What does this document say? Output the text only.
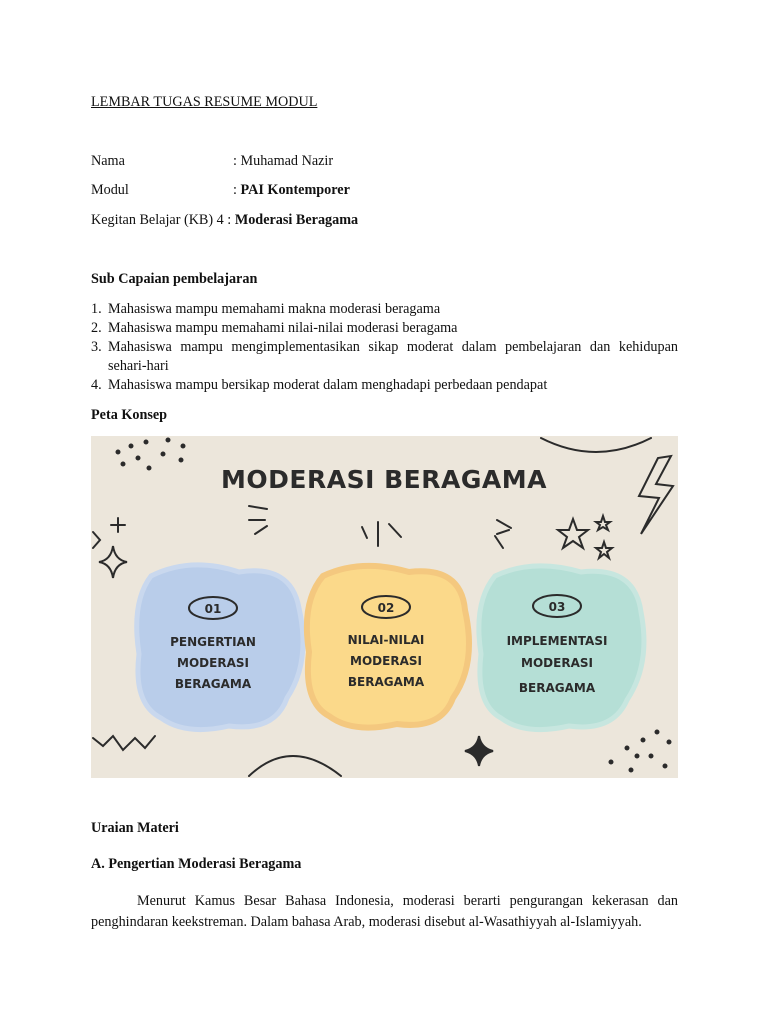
LEMBAR TUGAS RESUME MODUL
Nama	: Muhamad Nazir
Modul	: PAI Kontemporer
Kegitan Belajar (KB) 4 : Moderasi Beragama
Sub Capaian pembelajaran
1. Mahasiswa mampu memahami makna moderasi beragama
2. Mahasiswa mampu memahami nilai-nilai moderasi beragama
3. Mahasiswa mampu mengimplementasikan sikap moderat dalam pembelajaran dan kehidupan sehari-hari
4. Mahasiswa mampu bersikap moderat dalam menghadapi perbedaan pendapat
Peta Konsep
MODERASI BERAGAMA
01
PENGERTIAN
MODERASI
BERAGAMA
02
NILAI-NILAI
MODERASI
BERAGAMA
03
IMPLEMENTASI
MODERASI
BERAGAMA
Uraian Materi
A. Pengertian Moderasi Beragama
Menurut Kamus Besar Bahasa Indonesia, moderasi berarti pengurangan kekerasan dan penghindaran keekstreman. Dalam bahasa Arab, moderasi disebut al-Wasathiyyah al-Islamiyyah.
